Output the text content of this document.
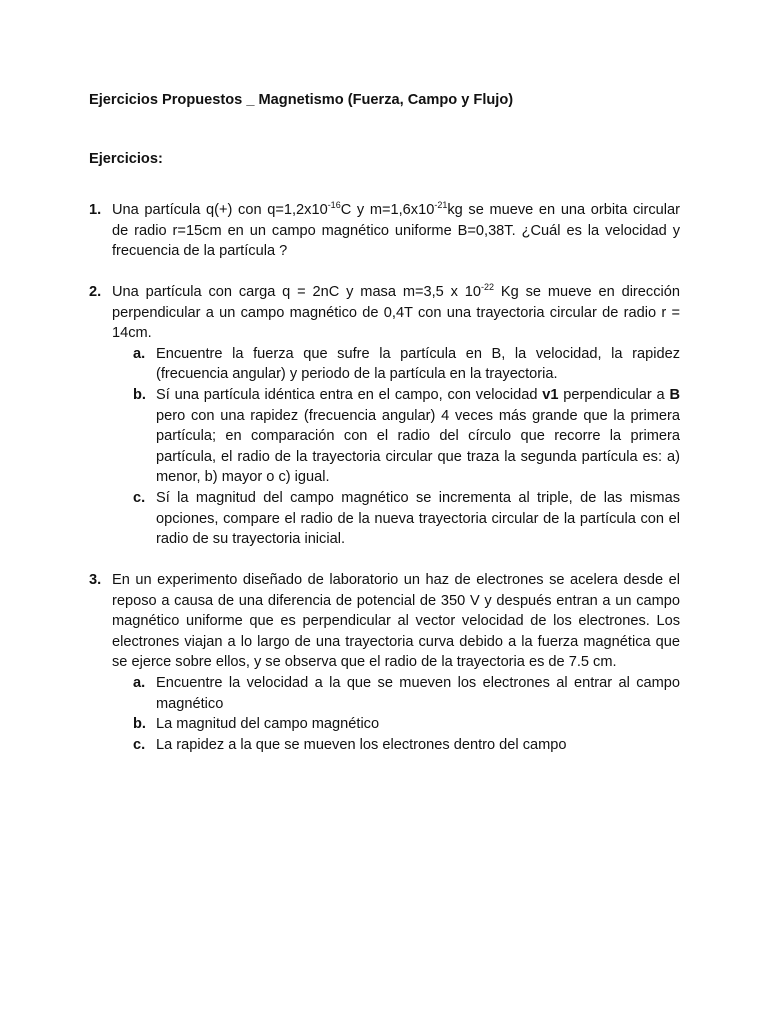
Ejercicios Propuestos _ Magnetismo (Fuerza, Campo y Flujo)
Ejercicios:
1. Una partícula q(+) con $q=1,2x10^{-16}C$ y $m=1,6x10^{-21}kg$ se mueve en una orbita circular de radio r=15cm en un campo magnético uniforme B=0,38T. ¿Cuál es la velocidad y frecuencia de la partícula ?

2. Una partícula con carga q = 2nC y masa m=3,5 x $10^{-22}$ Kg se mueve en dirección perpendicular a un campo magnético de 0,4T con una trayectoria circular de radio r = 14cm.

a. Encuentre la fuerza que sufre la partícula en B, la velocidad, la rapidez (frecuencia angular) y periodo de la partícula en la trayectoria.
b. Sí una partícula idéntica entra en el campo, con velocidad v1 perpendicular a B pero con una rapidez (frecuencia angular) 4 veces más grande que la primera partícula; en comparación con el radio del círculo que recorre la primera partícula, el radio de la trayectoria circular que traza la segunda partícula es: a) menor, b) mayor o c) igual.
c. Sí la magnitud del campo magnético se incrementa al triple, de las mismas opciones, compare el radio de la nueva trayectoria circular de la partícula con el radio de su trayectoria inicial.
3. En un experimento diseñado de laboratorio un haz de electrones se acelera desde el reposo a causa de una diferencia de potencial de 350 V y después entran a un campo magnético uniforme que es perpendicular al vector velocidad de los electrones. Los electrones viajan a lo largo de una trayectoria curva debido a la fuerza magnética que se ejerce sobre ellos, y se observa que el radio de la trayectoria es de 7.5 cm.

a. Encuentre la velocidad a la que se mueven los electrones al entrar al campo magnético
b. La magnitud del campo magnético
c. La rapidez a la que se mueven los electrones dentro del campo
